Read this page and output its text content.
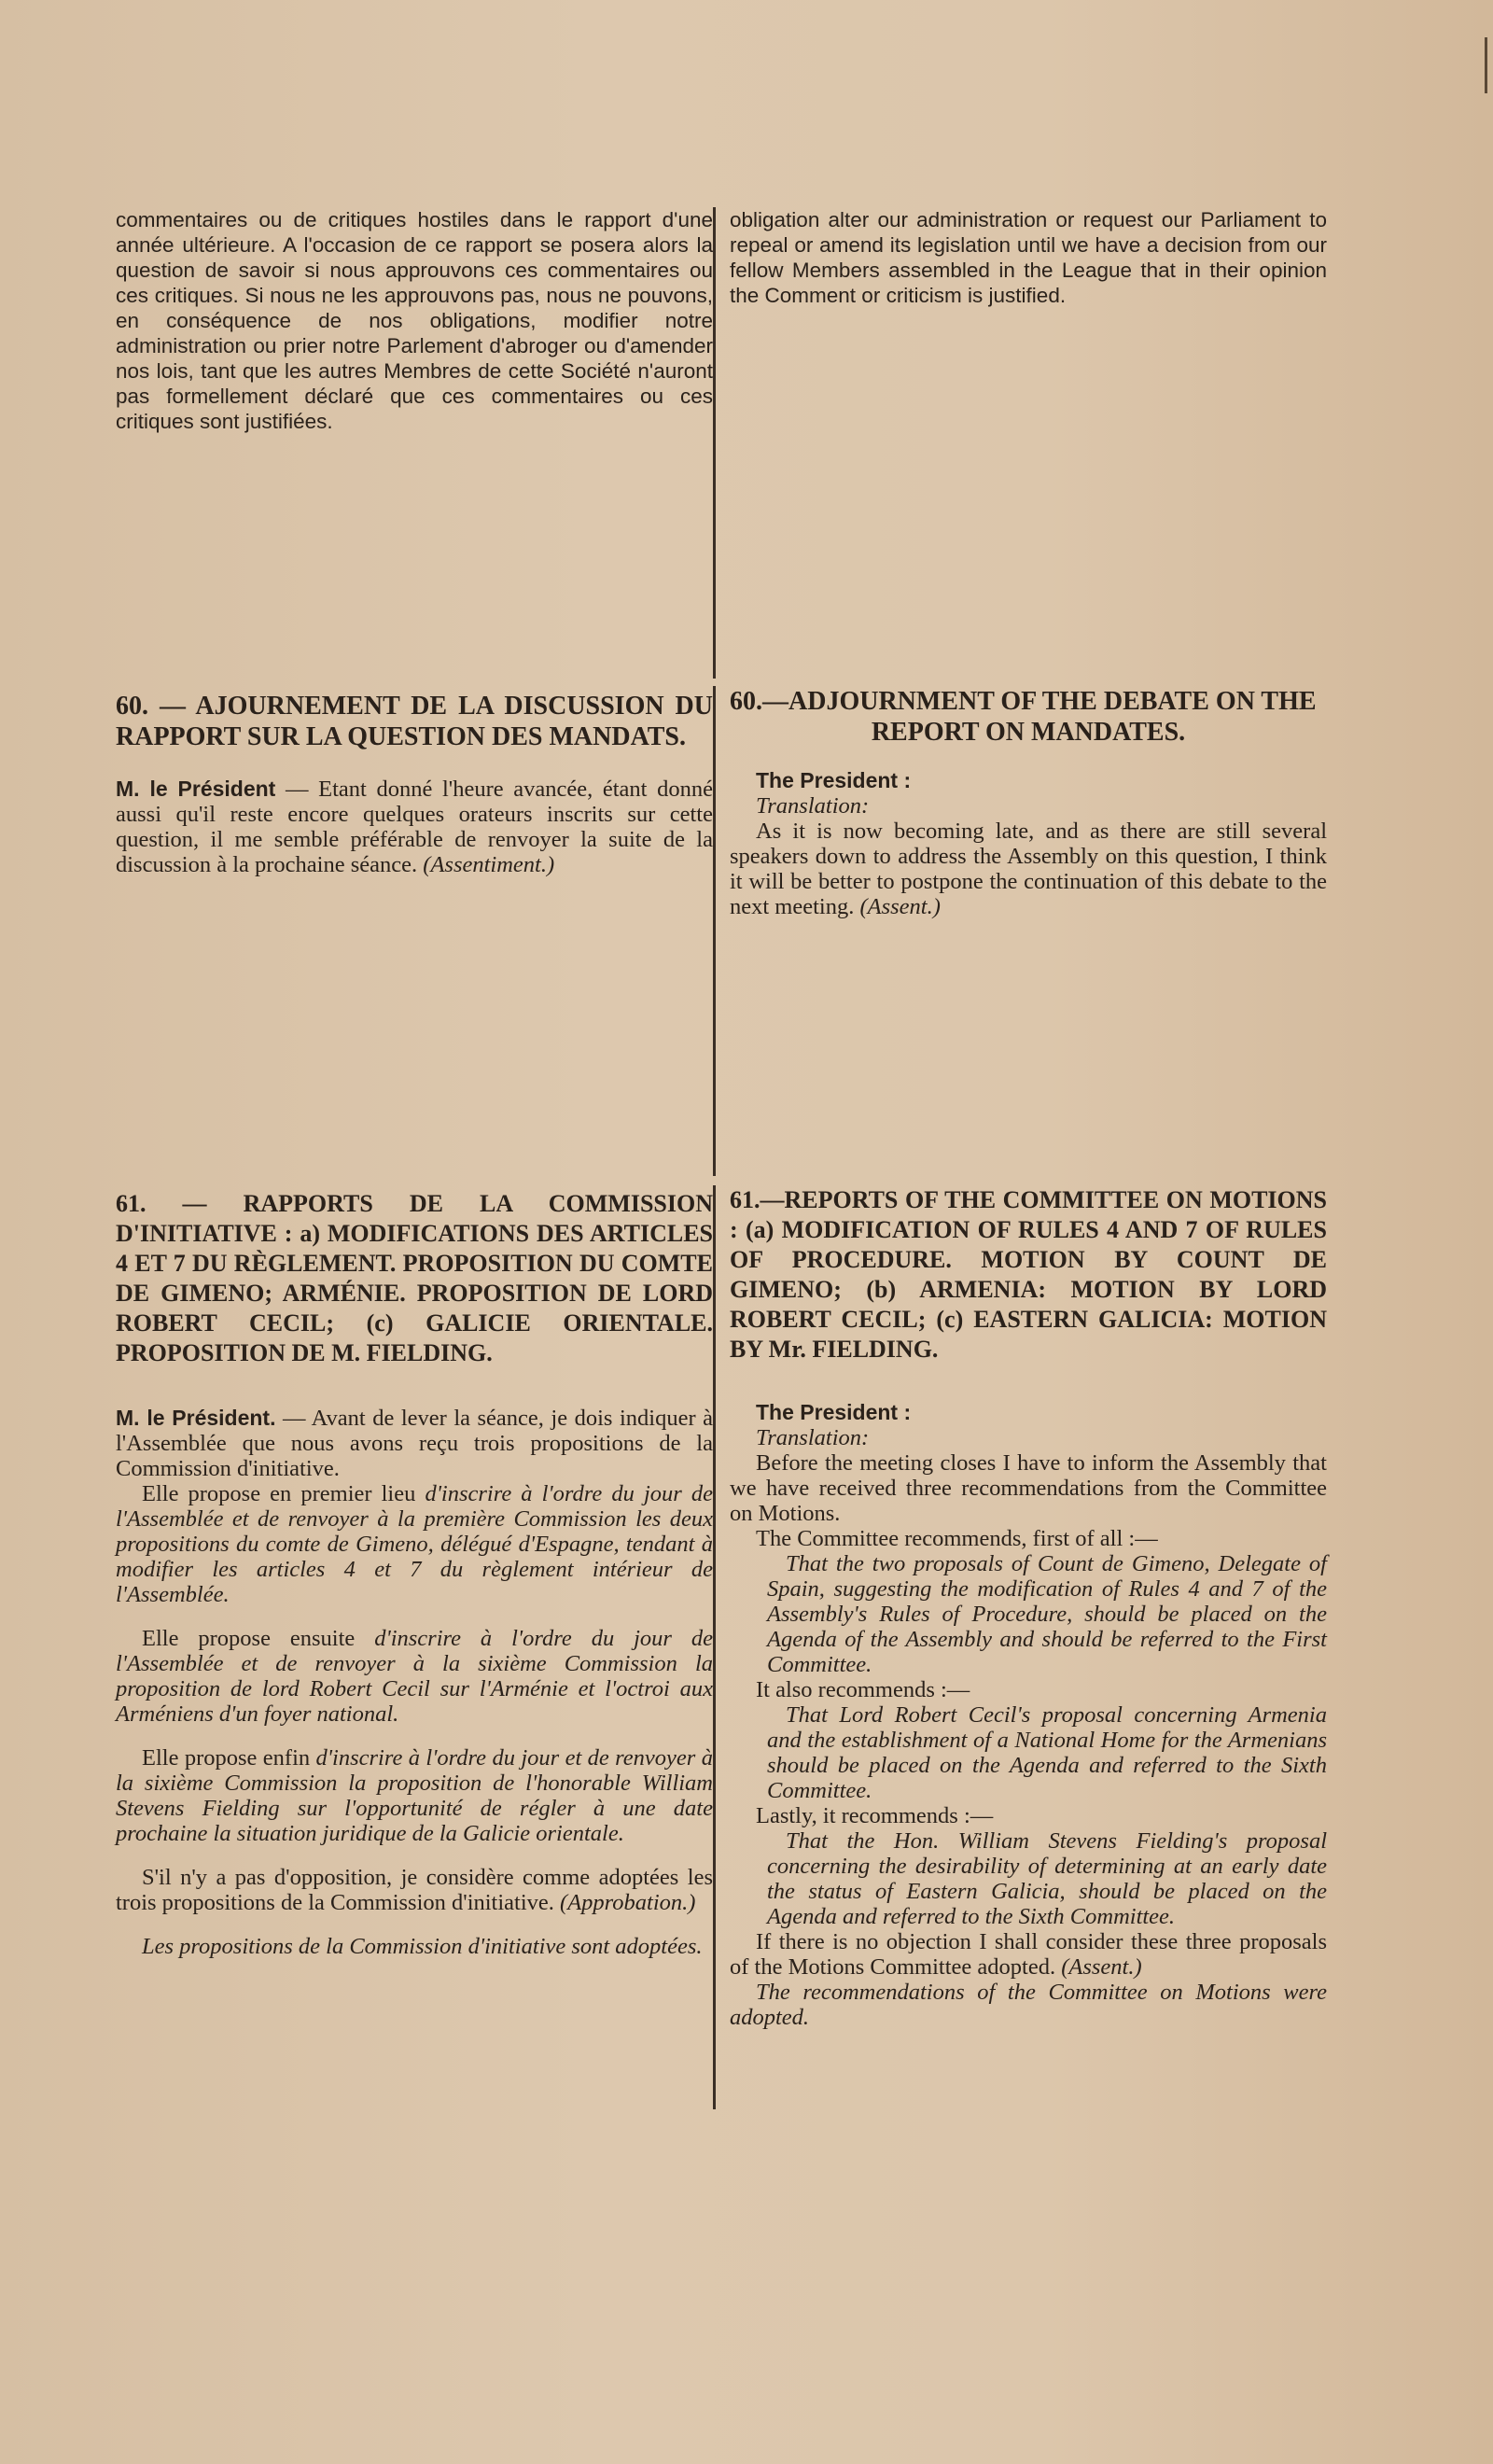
commentaires ou de critiques hostiles dans le rapport d'une année ultérieure. A l'occasion de ce rapport se posera alors la question de savoir si nous approuvons ces commentaires ou ces critiques. Si nous ne les approuvons pas, nous ne pouvons, en conséquence de nos obligations, modifier notre administration ou prier notre Parlement d'abroger ou d'amender nos lois, tant que les autres Membres de cette Société n'auront pas formellement déclaré que ces commentaires ou ces critiques sont justifiées.

obligation alter our administration or request our Parliament to repeal or amend its legislation until we have a decision from our fellow Members assembled in the League that in their opinion the Comment or criticism is justified.

60. — AJOURNEMENT DE LA DISCUSSION DU RAPPORT SUR LA QUESTION DES MANDATS.

M. le Président — Etant donné l'heure avancée, étant donné aussi qu'il reste encore quelques orateurs inscrits sur cette question, il me semble préférable de renvoyer la suite de la discussion à la prochaine séance. (Assentiment.)

60.—ADJOURNMENT OF THE DEBATE ON THE
REPORT ON MANDATES.

The President :

Translation:

As it is now becoming late, and as there are still several speakers down to address the Assembly on this question, I think it will be better to postpone the continuation of this debate to the next meeting. (Assent.)

61. — RAPPORTS DE LA COMMISSION D'INITIATIVE : a) MODIFICATIONS DES ARTICLES 4 ET 7 DU RÈGLEMENT. PROPOSITION DU COMTE DE GIMENO; ARMÉNIE. PROPOSITION DE LORD ROBERT CECIL; (c) GALICIE ORIENTALE. PROPOSITION DE M. FIELDING.

M. le Président. — Avant de lever la séance, je dois indiquer à l'Assemblée que nous avons reçu trois propositions de la Commission d'initiative.

Elle propose en premier lieu d'inscrire à l'ordre du jour de l'Assemblée et de renvoyer à la première Commission les deux propositions du comte de Gimeno, délégué d'Espagne, tendant à modifier les articles 4 et 7 du règlement intérieur de l'Assemblée.

Elle propose ensuite d'inscrire à l'ordre du jour de l'Assemblée et de renvoyer à la sixième Commission la proposition de lord Robert Cecil sur l'Arménie et l'octroi aux Arméniens d'un foyer national.

Elle propose enfin d'inscrire à l'ordre du jour et de renvoyer à la sixième Commission la proposition de l'honorable William Stevens Fielding sur l'opportunité de régler à une date prochaine la situation juridique de la Galicie orientale.

S'il n'y a pas d'opposition, je considère comme adoptées les trois propositions de la Commission d'initiative. (Approbation.)

Les propositions de la Commission d'initiative sont adoptées.

61.—REPORTS OF THE COMMITTEE ON MOTIONS : (a) MODIFICATION OF RULES 4 AND 7 OF RULES OF PROCEDURE. MOTION BY COUNT DE GIMENO; (b) ARMENIA: MOTION BY LORD ROBERT CECIL; (c) EASTERN GALICIA: MOTION BY Mr. FIELDING.

The President :

Translation:

Before the meeting closes I have to inform the Assembly that we have received three recommendations from the Committee on Motions.

The Committee recommends, first of all :—

That the two proposals of Count de Gimeno, Delegate of Spain, suggesting the modification of Rules 4 and 7 of the Assembly's Rules of Procedure, should be placed on the Agenda of the Assembly and should be referred to the First Committee.

It also recommends :—

That Lord Robert Cecil's proposal concerning Armenia and the establishment of a National Home for the Armenians should be placed on the Agenda and referred to the Sixth Committee.

Lastly, it recommends :—

That the Hon. William Stevens Fielding's proposal concerning the desirability of determining at an early date the status of Eastern Galicia, should be placed on the Agenda and referred to the Sixth Committee.

If there is no objection I shall consider these three proposals of the Motions Committee adopted. (Assent.)

The recommendations of the Committee on Motions were adopted.
